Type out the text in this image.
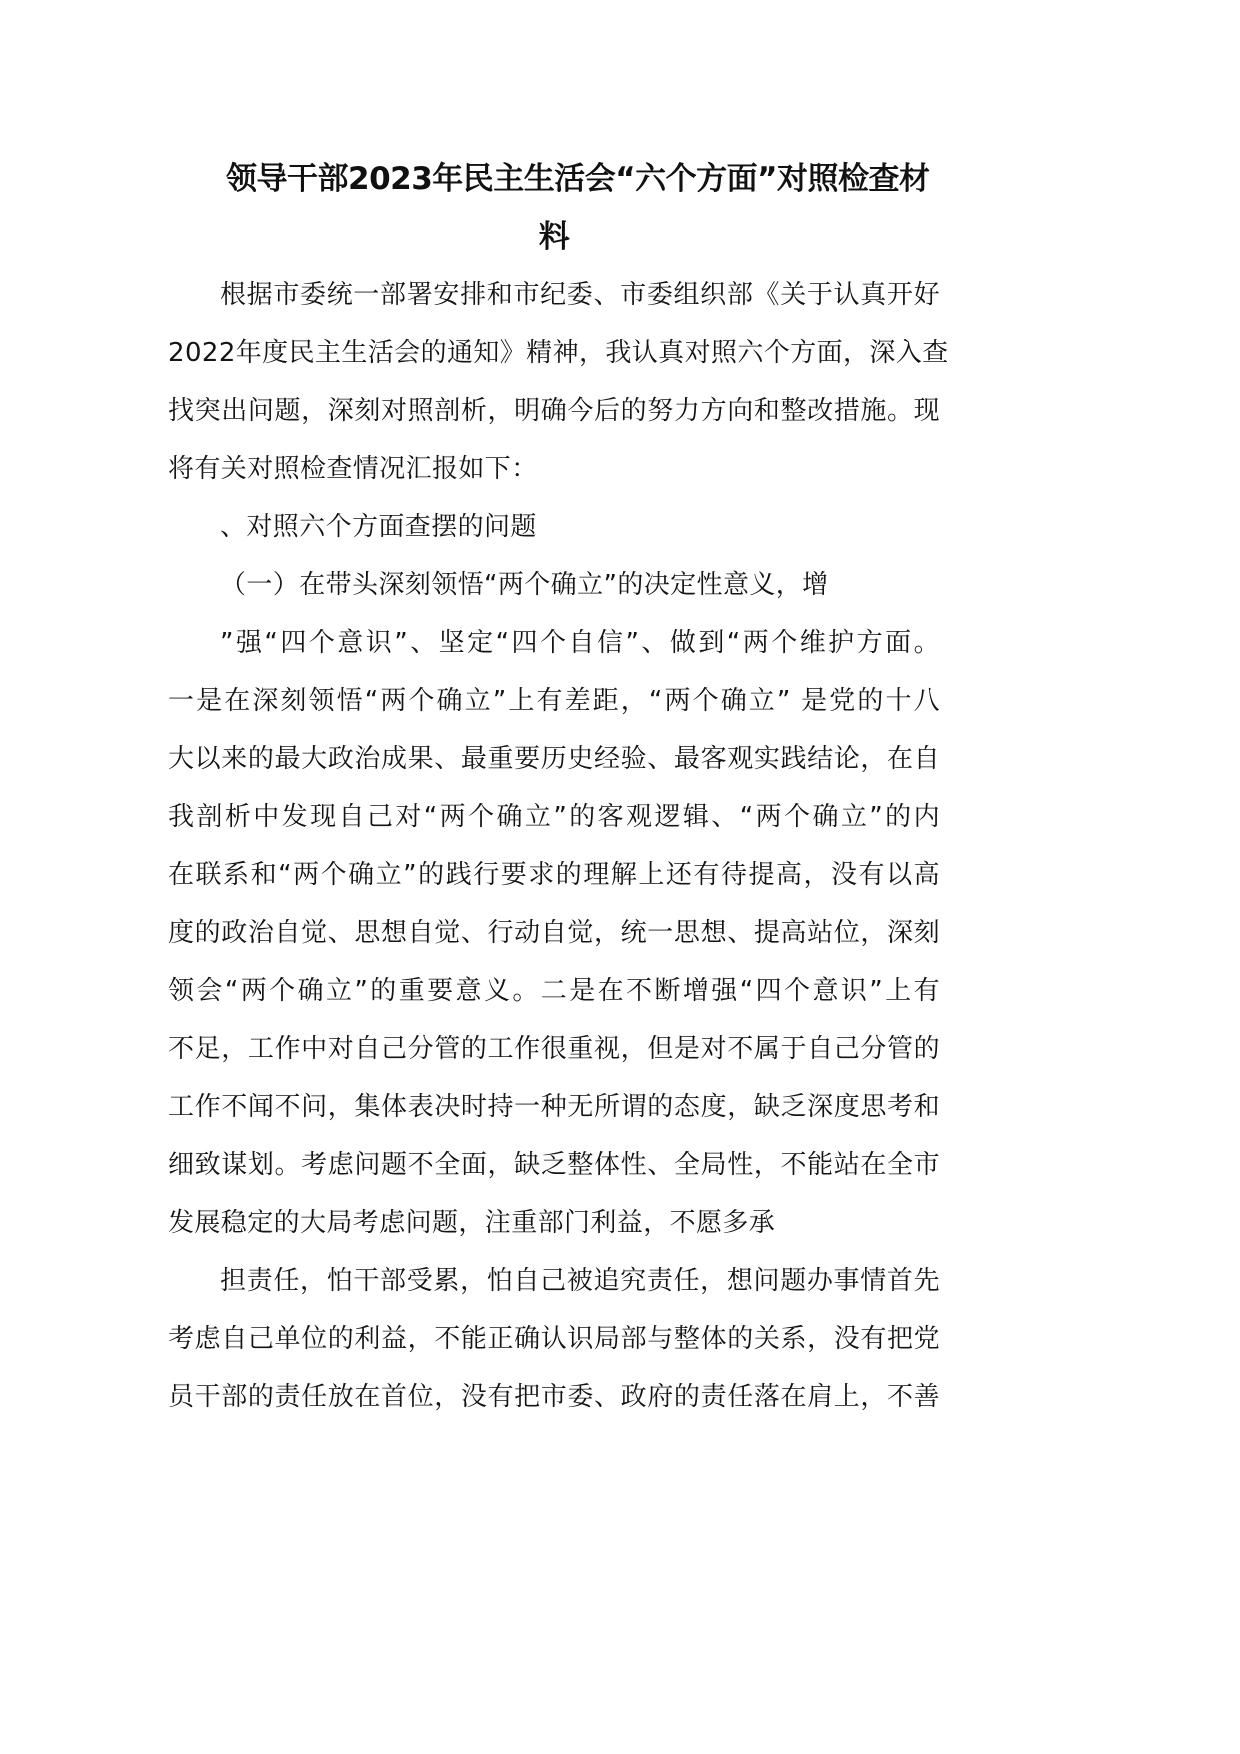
领导干部2023年民主生活会“六个方面”对照检查材
料
根据市委统一部署安排和市纪委、市委组织部《关于认真开好
2022年度民主生活会的通知》精神，我认真对照六个方面，深入查
找突出问题，深刻对照剖析，明确今后的努力方向和整改措施。现
将有关对照检查情况汇报如下：
、对照六个方面查摆的问题
（一）在带头深刻领悟“两个确立”的决定性意义，增
”强“四个意识”、坚定“四个自信”、做到“两个维护方面。
一是在深刻领悟“两个确立”上有差距，“两个确立” 是党的十八
大以来的最大政治成果、最重要历史经验、最客观实践结论，在自
我剖析中发现自己对“两个确立”的客观逻辑、“两个确立”的内
在联系和“两个确立”的践行要求的理解上还有待提高，没有以高
度的政治自觉、思想自觉、行动自觉，统一思想、提高站位，深刻
领会“两个确立”的重要意义。二是在不断增强“四个意识”上有
不足，工作中对自己分管的工作很重视，但是对不属于自己分管的
工作不闻不问，集体表决时持一种无所谓的态度，缺乏深度思考和
细致谋划。考虑问题不全面，缺乏整体性、全局性，不能站在全市
发展稳定的大局考虑问题，注重部门利益，不愿多承
担责任，怕干部受累，怕自己被追究责任，想问题办事情首先
考虑自己单位的利益，不能正确认识局部与整体的关系，没有把党
员干部的责任放在首位，没有把市委、政府的责任落在肩上，不善
